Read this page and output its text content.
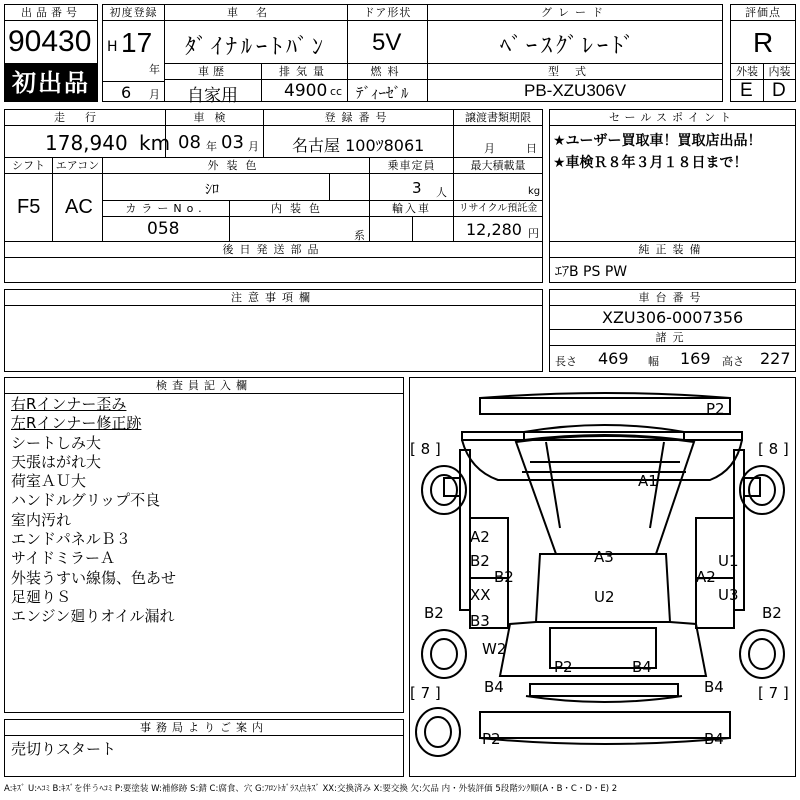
出品番号
90430
初出品
初度登録
H 17
年
6 月
車名
ﾀﾞｲﾅﾙｰﾄﾊﾞﾝ
ドア形状
5V
グレード
ﾍﾞｰｽｸﾞﾚｰﾄﾞ
評価点
R
車歴
自家用
排気量
4900 cc
燃料
ﾃﾞｨｰｾﾞﾙ
型式
PB-XZU306V
外装 内装
E D
走行
178,940 km
車検
08 年 03 月
登録番号
名古屋 100ﾂ8061
譲渡書類期限
月	日
セールスポイント
★ユーザー買取車！買取店出品！
★車検Ｒ８年３月１８日まで！
シフト
F5
エアコン
AC
外装色
ｼﾛ
乗車定員
3 人
最大積載量
kg
カラーNo.
058
内装色
系
輸入車	リサイクル預託金
12,280 円
後日発送部品	純正装備
ｴｱB PS PW
注意事項欄	車台番号
XZU306-0007356
諸元
長さ 469 幅 169 高さ 227
検査員記入欄

右Rインナー歪み

左Rインナー修正跡

シートしみ大

天張はがれ大

荷室ＡＵ大

ハンドルグリップ不良

室内汚れ

エンドパネルＢ３

サイドミラーＡ

外装うすい線傷、色あせ

足廻りＳ

エンジン廻りオイル漏れ

事務局よりご案内
売切りスタート
P2
[ 8 ]	[ 8 ]
A1
A2
B2
B2
A3	U1
A2
XX	U2	U3
B2 B3	B2
W2
P2	B4
B4	B4
[ 7 ]	[ 7 ]
P2	B4
A:ｷｽﾞ U:ﾍｺﾐ B:ｷｽﾞを伴うﾍｺﾐ P:要塗装 W:補修跡 S:錆 C:腐食、穴 G:ﾌﾛﾝﾄｶﾞﾗｽ点ｷｽﾞ XX:交換済み X:要交換 欠:欠品 内・外装評価 5段階ﾗﾝｸ順(A・B・C・D・E) 2
